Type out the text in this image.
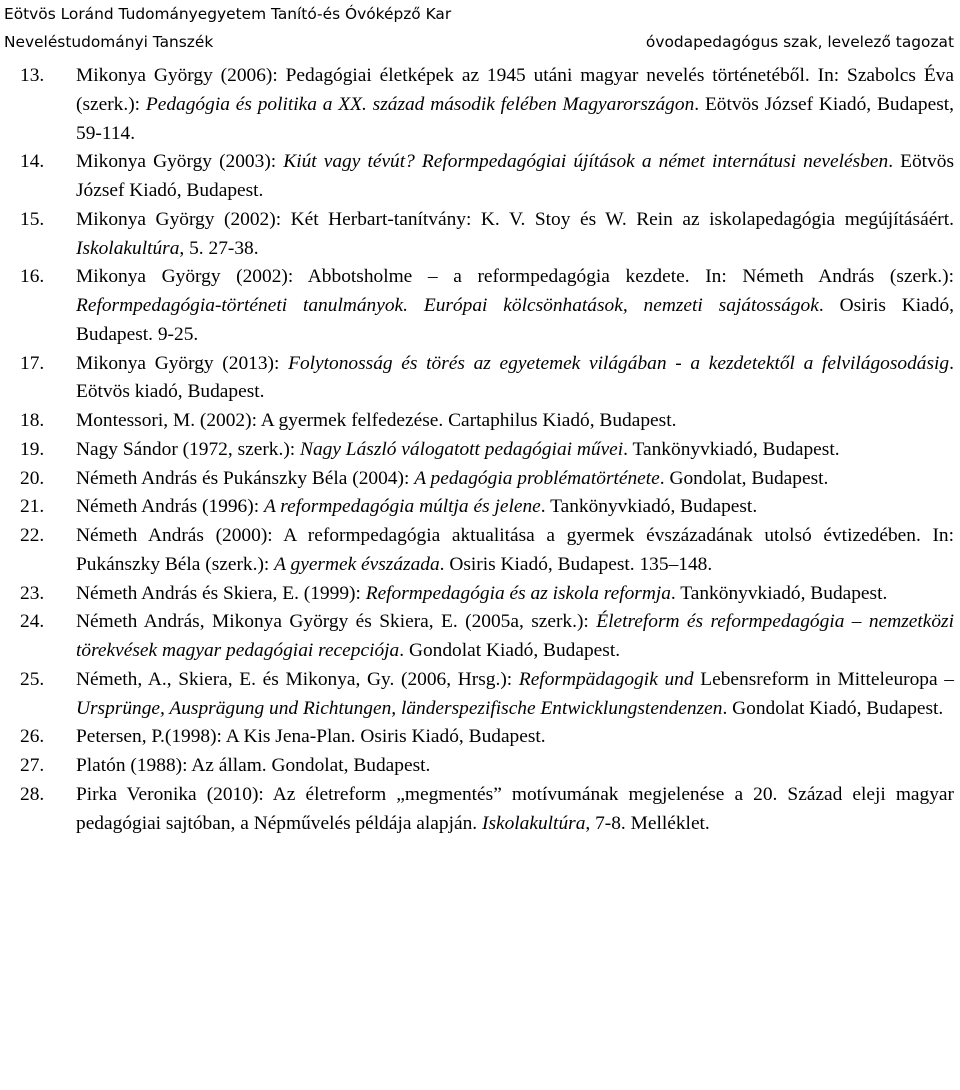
Eötvös Loránd Tudományegyetem Tanító-és Óvóképző Kar
Neveléstudományi Tanszék	óvodapedagógus szak, levelező tagozat
13.	Mikonya György (2006): Pedagógiai életképek az 1945 utáni magyar nevelés történetéből. In: Szabolcs Éva (szerk.): Pedagógia és politika a XX. század második felében Magyarországon. Eötvös József Kiadó, Budapest, 59-114.
14.	Mikonya György (2003): Kiút vagy tévút? Reformpedagógiai újítások a német internátusi nevelésben. Eötvös József Kiadó, Budapest.
15.	Mikonya György (2002): Két Herbart-tanítvány: K. V. Stoy és W. Rein az iskolapedagógia megújításáért. Iskolakultúra, 5. 27-38.
16.	Mikonya György (2002): Abbotsholme – a reformpedagógia kezdete. In: Németh András (szerk.): Reformpedagógia-történeti tanulmányok. Európai kölcsönhatások, nemzeti sajátosságok. Osiris Kiadó, Budapest. 9-25.
17.	Mikonya György (2013): Folytonosság és törés az egyetemek világában - a kezdetektől a felvilágosodásig. Eötvös kiadó, Budapest.
18.	Montessori, M. (2002): A gyermek felfedezése. Cartaphilus Kiadó, Budapest.
19.	Nagy Sándor (1972, szerk.): Nagy László válogatott pedagógiai művei. Tankönyvkiadó, Budapest.
20.	Németh András és Pukánszky Béla (2004): A pedagógia problématörténete. Gondolat, Budapest.
21.	Németh András (1996): A reformpedagógia múltja és jelene. Tankönyvkiadó, Budapest.
22.	Németh András (2000): A reformpedagógia aktualitása a gyermek évszázadának utolsó évtizedében. In: Pukánszky Béla (szerk.): A gyermek évszázada. Osiris Kiadó, Budapest. 135–148.
23.	Németh András és Skiera, E. (1999): Reformpedagógia és az iskola reformja. Tankönyvkiadó, Budapest.
24.	Németh András, Mikonya György és Skiera, E. (2005a, szerk.): Életreform és reformpedagógia – nemzetközi törekvések magyar pedagógiai recepciója. Gondolat Kiadó, Budapest.
25.	Németh, A., Skiera, E. és Mikonya, Gy. (2006, Hrsg.): Reformpädagogik und Lebensreform in Mitteleuropa – Ursprünge, Ausprägung und Richtungen, länderspezifische Entwicklungstendenzen. Gondolat Kiadó, Budapest.
26.	Petersen, P.(1998): A Kis Jena-Plan. Osiris Kiadó, Budapest.
27.	Platón (1988): Az állam. Gondolat, Budapest.
28.	Pirka Veronika (2010): Az életreform „megmentés” motívumának megjelenése a 20. Század eleji magyar pedagógiai sajtóban, a Népművelés példája alapján. Iskolakultúra, 7-8. Melléklet.
